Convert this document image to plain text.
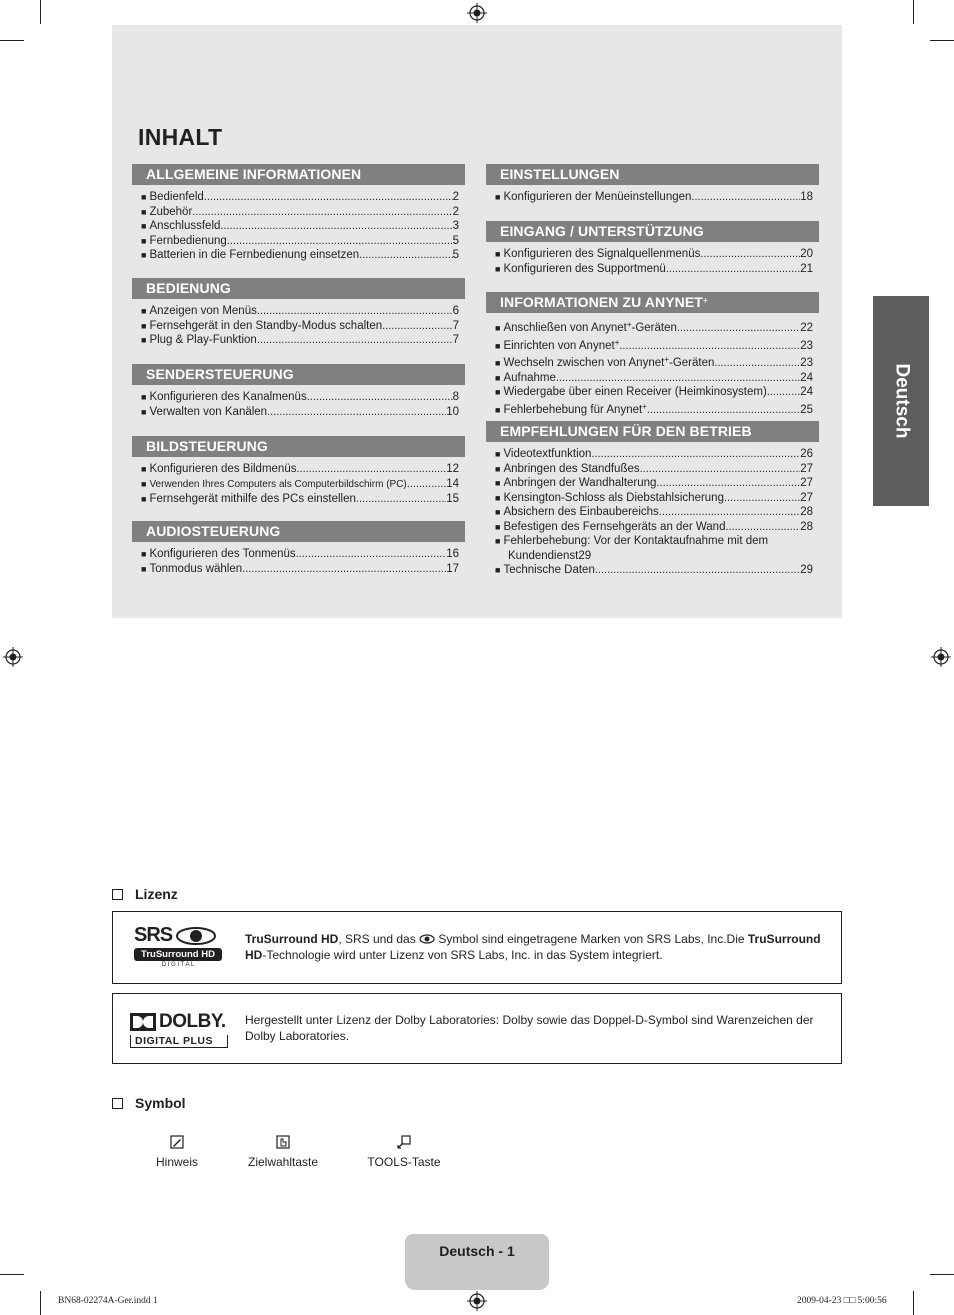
INHALT
ALLGEMEINE INFORMATIONEN
■ Bedienfeld .....	2
■ Zubehör .....	2
■ Anschlussfeld .....	3
■ Fernbedienung .....	5
■ Batterien in die Fernbedienung einsetzen .....	5
BEDIENUNG
■ Anzeigen von Menüs .....	6
■ Fernsehgerät in den Standby-Modus schalten .....	7
■ Plug & Play-Funktion .....	7
SENDERSTEUERUNG
■ Konfigurieren des Kanalmenüs .....	8
■ Verwalten von Kanälen .....	10
BILDSTEUERUNG
■ Konfigurieren des Bildmenüs .....	12
■ Verwenden Ihres Computers als Computerbildschirm (PC) .....	14
■ Fernsehgerät mithilfe des PCs einstellen .....	15
AUDIOSTEUERUNG
■ Konfigurieren des Tonmenüs .....	16
■ Tonmodus wählen .....	17
EINSTELLUNGEN
■ Konfigurieren der Menüeinstellungen .....	18
EINGANG / UNTERSTÜTZUNG
■ Konfigurieren des Signalquellenmenüs .....	20
■ Konfigurieren des Supportmenü .....	21
INFORMATIONEN ZU ANYNET+
■ Anschließen von Anynet+-Geräten .....	22
■ Einrichten von Anynet+ .....	23
■ Wechseln zwischen von Anynet+-Geräten .....	23
■ Aufnahme .....	24
■ Wiedergabe über einen Receiver (Heimkinosystem) .....	24
■ Fehlerbehebung für Anynet+ .....	25
EMPFEHLUNGEN FÜR DEN BETRIEB
■ Videotextfunktion .....	26
■ Anbringen des Standfußes .....	27
■ Anbringen der Wandhalterung .....	27
■ Kensington-Schloss als Diebstahlsicherung .....	27
■ Absichern des Einbaubereichs .....	28
■ Befestigen des Fernsehgeräts an der Wand .....	28
■ Fehlerbehebung: Vor der Kontaktaufnahme mit dem
Kundendienst 29
■ Technische Daten .....	29
Deutsch
Lizenz
SRS
TruSurround HD
D I G I T A L
TruSurround HD, SRS und das  Symbol sind eingetragene Marken von SRS Labs, Inc.Die TruSurround HD-Technologie wird unter Lizenz von SRS Labs, Inc. in das System integriert.
DOLBY.
DIGITAL PLUS
Hergestellt unter Lizenz der Dolby Laboratories: Dolby sowie das Doppel-D-Symbol sind Warenzeichen der Dolby Laboratories.
Symbol
Hinweis	Zielwahltaste	TOOLS-Taste
Deutsch - 1
BN68-02274A-Ger.indd 1	2009-04-23 □□ 5:00:56
